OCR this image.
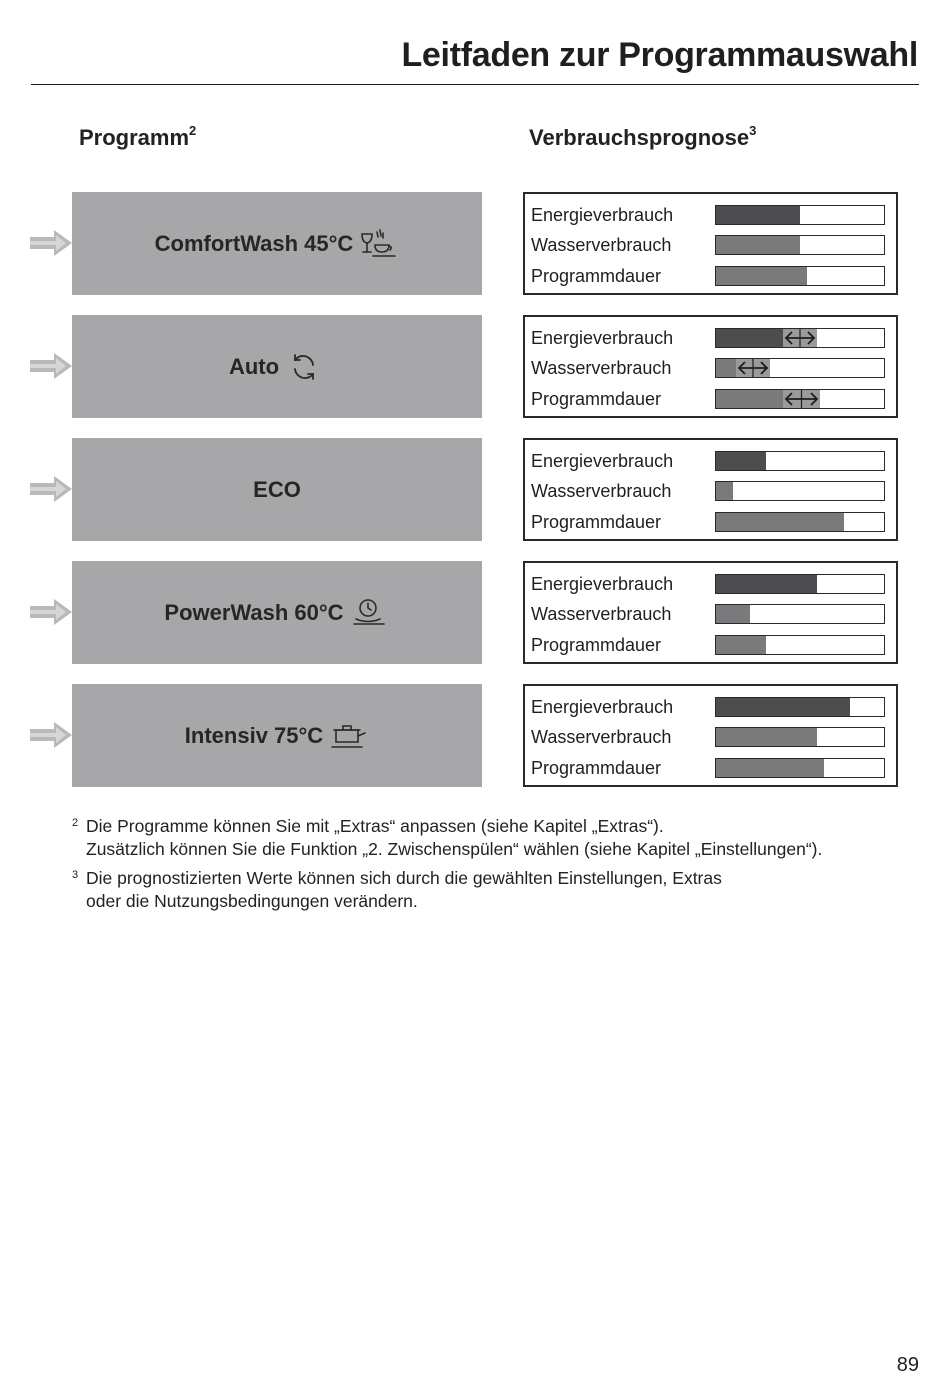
Leitfaden zur Programmauswahl
Programm$^2$	Verbrauchsprognose$^3$
ComfortWash 45°C
Energieverbrauch
Wasserverbrauch
Programmdauer
Auto
Energieverbrauch
Wasserverbrauch
Programmdauer
ECO
Energieverbrauch
Wasserverbrauch
Programmdauer
PowerWash 60°C
Energieverbrauch
Wasserverbrauch
Programmdauer
Intensiv 75°C
Energieverbrauch
Wasserverbrauch
Programmdauer
2 Die Programme können Sie mit „Extras“ anpassen (siehe Kapitel „Extras“).
Zusätzlich können Sie die Funktion „2. Zwischenspülen“ wählen (siehe Kapitel „Einstellungen“).
3 Die prognostizierten Werte können sich durch die gewählten Einstellungen, Extras
oder die Nutzungsbedingungen verändern.
89
